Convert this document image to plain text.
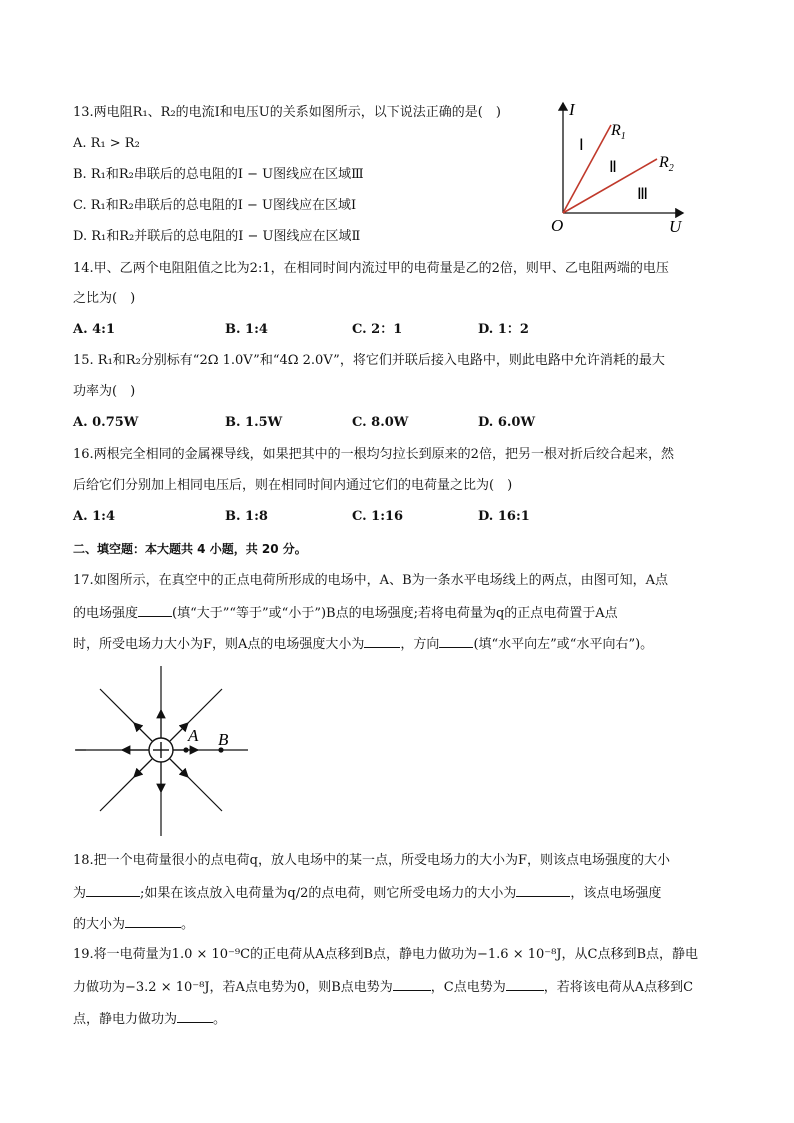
13.两电阻R₁、R₂的电流I和电压U的关系如图所示，以下说法正确的是(　)
A. R₁ > R₂
B. R₁和R₂串联后的总电阻的I − U图线应在区域Ⅲ
C. R₁和R₂串联后的总电阻的I − U图线应在区域I
D. R₁和R₂并联后的总电阻的I − U图线应在区域Ⅱ
I
U
O
$R_1$
$R_2$
Ⅰ
Ⅱ
Ⅲ
14.甲、乙两个电阻阻值之比为2:1，在相同时间内流过甲的电荷量是乙的2倍，则甲、乙电阻两端的电压
之比为(　)
A. 4:1	B. 1:4	C. 2：1	D. 1：2
15. R₁和R₂分别标有“2Ω 1.0V”和“4Ω 2.0V”，将它们并联后接入电路中，则此电路中允许消耗的最大
功率为(　)
A. 0.75W	B. 1.5W	C. 8.0W	D. 6.0W
16.两根完全相同的金属裸导线，如果把其中的一根均匀拉长到原来的2倍，把另一根对折后绞合起来，然
后给它们分别加上相同电压后，则在相同时间内通过它们的电荷量之比为(　)
A. 1:4	B. 1:8	C. 1:16	D. 16:1
二、填空题：本大题共 4 小题，共 20 分。
17.如图所示，在真空中的正点电荷所形成的电场中，A、B为一条水平电场线上的两点，由图可知，A点
的电场强度	(填“大于”“等于”或“小于”)B点的电场强度;若将电荷量为q的正点电荷置于A点
时，所受电场力大小为F，则A点的电场强度大小为	，方向	(填“水平向左”或“水平向右”)。
A B
18.把一个电荷量很小的点电荷q，放人电场中的某一点，所受电场力的大小为F，则该点电场强度的大小
为	;如果在该点放入电荷量为q/2的点电荷，则它所受电场力的大小为	，该点电场强度
的大小为	。
19.将一电荷量为1.0 × 10⁻⁹C的正电荷从A点移到B点，静电力做功为−1.6 × 10⁻⁸J，从C点移到B点，静电
力做功为−3.2 × 10⁻⁸J，若A点电势为0，则B点电势为	，C点电势为	，若将该电荷从A点移到C
点，静电力做功为	。
